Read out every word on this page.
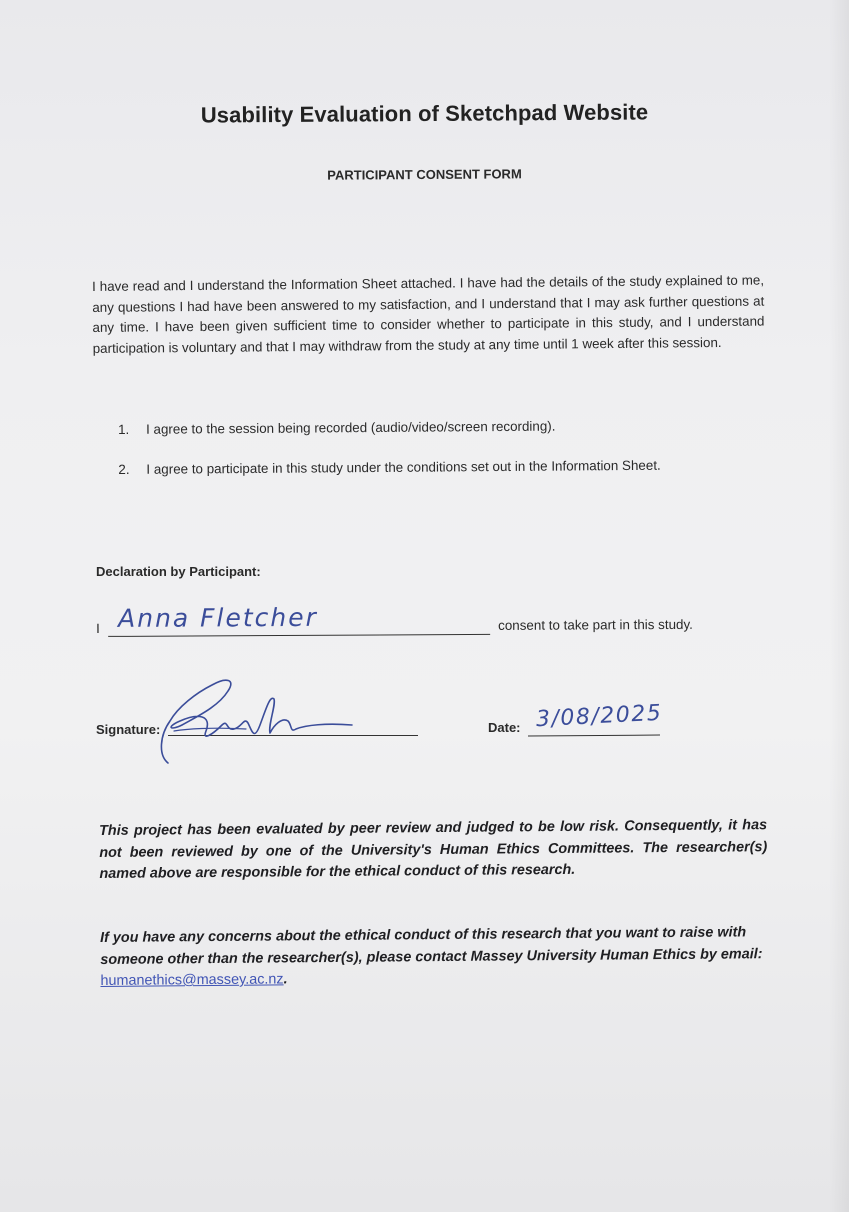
Usability Evaluation of Sketchpad Website
PARTICIPANT CONSENT FORM
I have read and I understand the Information Sheet attached. I have had the details of the study explained to me, any questions I had have been answered to my satisfaction, and I understand that I may ask further questions at any time. I have been given sufficient time to consider whether to participate in this study, and I understand participation is voluntary and that I may withdraw from the study at any time until 1 week after this session.
1.	I agree to the session being recorded (audio/video/screen recording).
2.	I agree to participate in this study under the conditions set out in the Information Sheet.
Declaration by Participant:
I Anna Fletcher	consent to take part in this study.
Signature:	Date: 3/08/2025
This project has been evaluated by peer review and judged to be low risk. Consequently, it has not been reviewed by one of the University's Human Ethics Committees. The researcher(s) named above are responsible for the ethical conduct of this research.
If you have any concerns about the ethical conduct of this research that you want to raise with someone other than the researcher(s), please contact Massey University Human Ethics by email: humanethics@massey.ac.nz.
